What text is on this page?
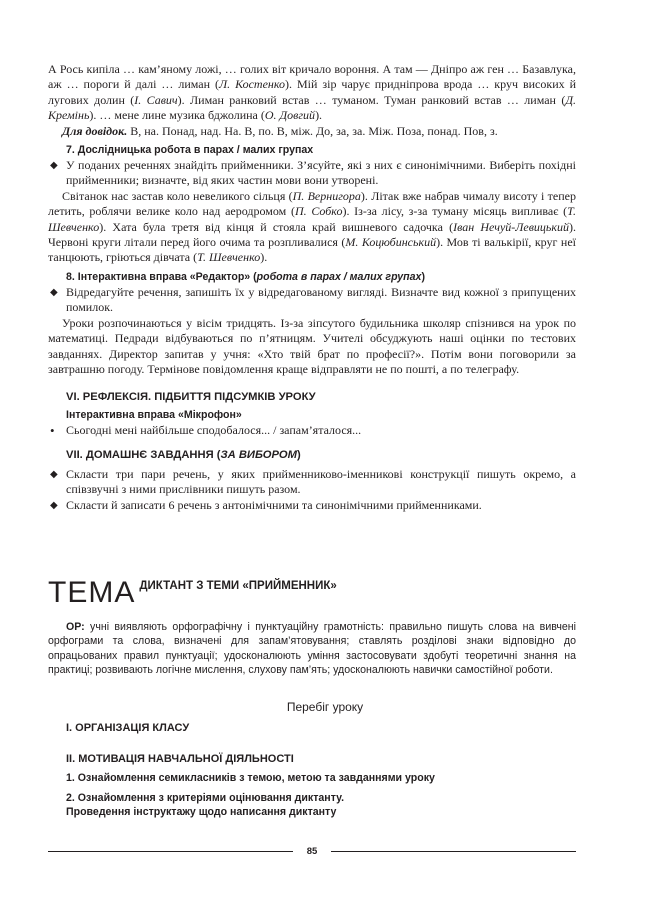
А Рось кипіла … кам’яному ложі, … голих віт кричало вороння. А там — Дніпро аж ген … Базавлука, аж … пороги й далі … лиман (Л. Костенко). Мій зір чарує придніпрова врода … круч високих й лугових долин (І. Савич). Лиман ранковий встав … туманом. Туман ранковий встав … лиман (Д. Кремінь). … мене лине музика бджолина (О. Довгий).

Для довідок. В, на. Понад, над. На. В, по. В, між. До, за, за. Між. Поза, понад. Пов, з.

7. Дослідницька робота в парах / малих групах
◆ У поданих реченнях знайдіть прийменники. З’ясуйте, які з них є синонімічними. Виберіть похідні прийменники; визначте, від яких частин мови вони утворені.

Світанок нас застав коло невеликого сільця (П. Вернигора). Літак вже набрав чималу висоту і тепер летить, роблячи велике коло над аеродромом (П. Собко). Із-за лісу, з-за туману місяць випливає (Т. Шевченко). Хата була третя від кінця й стояла край вишневого садочка (Іван Нечуй-Левицький). Червоні круги літали перед його очима та розпливалися (М. Коцюбинський). Мов ті валькірії, круг неї танцюють, гріються дівчата (Т. Шевченко).

8. Інтерактивна вправа «Редактор» (робота в парах / малих групах)
◆ Відредагуйте речення, запишіть їх у відредагованому вигляді. Визначте вид кожної з припущених помилок.

Уроки розпочинаються у вісім тридцять. Із-за зіпсутого будильника школяр спізнився на урок по математиці. Педради відбуваються по п’ятницям. Учителі обсуджують наші оцінки по тестових завданнях. Директор запитав у учня: «Хто твій брат по професії?». Потім вони поговорили за завтрашню погоду. Термінове повідомлення краще відправляти не по пошті, а по телеграфу.

VI. РЕФЛЕКСІЯ. ПІДБИТТЯ ПІДСУМКІВ УРОКУ
Інтерактивна вправа «Мікрофон»
• Сьогодні мені найбільше сподобалося... / запам’яталося...

VII. ДОМАШНЄ ЗАВДАННЯ (ЗА ВИБОРОМ)
◆ Скласти три пари речень, у яких прийменниково-іменникові конструкції пишуть окремо, а співзвучні з ними прислівники пишуть разом.

◆ Скласти й записати 6 речень з антонімічними та синонімічними прийменниками.

ТЕМА ДИКТАНТ З ТЕМИ «ПРИЙМЕННИК»

ОР: учні виявляють орфографічну і пунктуаційну грамотність: правильно пишуть слова на вивчені орфограми та слова, визначені для запам’ятовування; ставлять розділові знаки відповідно до опрацьованих правил пунктуації; удосконалюють уміння застосовувати здобуті теоретичні знання на практиці; розвивають логічне мислення, слухову пам’ять; удосконалюють навички самостійної роботи.

Перебіг уроку
І. ОРГАНІЗАЦІЯ КЛАСУ
ІІ. МОТИВАЦІЯ НАВЧАЛЬНОЇ ДІЯЛЬНОСТІ
1. Ознайомлення семикласників з темою, метою та завданнями уроку
2. Ознайомлення з критеріями оцінювання диктанту.
Проведення інструктажу щодо написання диктанту
85
